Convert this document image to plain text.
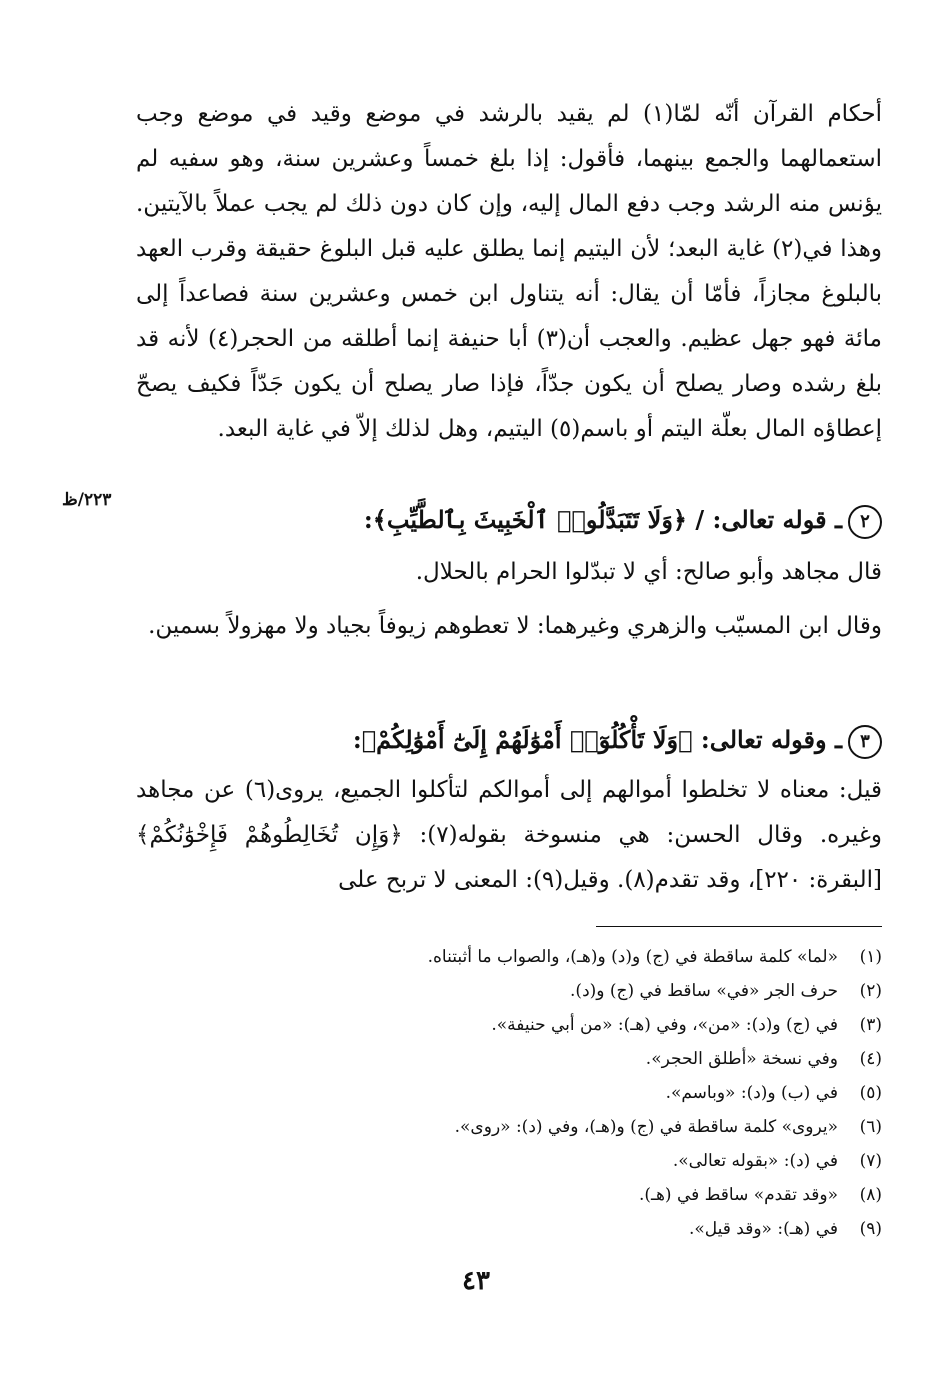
أحكام القرآن أنّه لمّا(١) لم يقيد بالرشد في موضع وقيد في موضع وجب استعمالهما والجمع بينهما، فأقول: إذا بلغ خمساً وعشرين سنة، وهو سفيه لم يؤنس منه الرشد وجب دفع المال إليه، وإن كان دون ذلك لم يجب عملاً بالآيتين. وهذا في(٢) غاية البعد؛ لأن اليتيم إنما يطلق عليه قبل البلوغ حقيقة وقرب العهد بالبلوغ مجازاً، فأمّا أن يقال: أنه يتناول ابن خمس وعشرين سنة فصاعداً إلى مائة فهو جهل عظيم. والعجب أن(٣) أبا حنيفة إنما أطلقه من الحجر(٤) لأنه قد بلغ رشده وصار يصلح أن يكون جدّاً، فإذا صار يصلح أن يكون جَدّاً فكيف يصحّ إعطاؤه المال بعلّة اليتم أو باسم(٥) اليتيم، وهل لذلك إلاّ في غاية البعد.

٢٢٣/ظ
٢ـ قوله تعالى: / ﴿وَلَا تَتَبَدَّلُوا۟ ٱلْخَبِيثَ بِٱلطَّيِّبِ﴾:

قال مجاهد وأبو صالح: أي لا تبدّلوا الحرام بالحلال.

وقال ابن المسيّب والزهري وغيرهما: لا تعطوهم زيوفاً بجياد ولا مهزولاً بسمين.

٣ـ وقوله تعالى: ﴿وَلَا تَأْكُلُوٓا۟ أَمْوَٰلَهُمْ إِلَىٰٓ أَمْوَٰلِكُمْ﴾:

قيل: معناه لا تخلطوا أموالهم إلى أموالكم لتأكلوا الجميع، يروى(٦) عن مجاهد وغيره. وقال الحسن: هي منسوخة بقوله(٧): ﴿وَإِن تُخَالِطُوهُمْ فَإِخْوَٰنُكُمْ﴾ [البقرة: ٢٢٠]، وقد تقدم(٨). وقيل(٩): المعنى لا تربح على

(١)
«لما» كلمة ساقطة في (ج) و(د) و(هـ)، والصواب ما أثبتناه.
(٢)
حرف الجر «في» ساقط في (ج) و(د).
(٣)
في (ج) و(د): «من»، وفي (هـ): «من أبي حنيفة».
(٤)
وفي نسخة «أطلق الحجر».
(٥)
في (ب) و(د): «وباسم».
(٦)
«يروى» كلمة ساقطة في (ج) و(هـ)، وفي (د): «روى».
(٧)
في (د): «بقوله تعالى».
(٨)
«وقد تقدم» ساقط في (هـ).
(٩)
في (هـ): «وقد قيل».
٤٣
